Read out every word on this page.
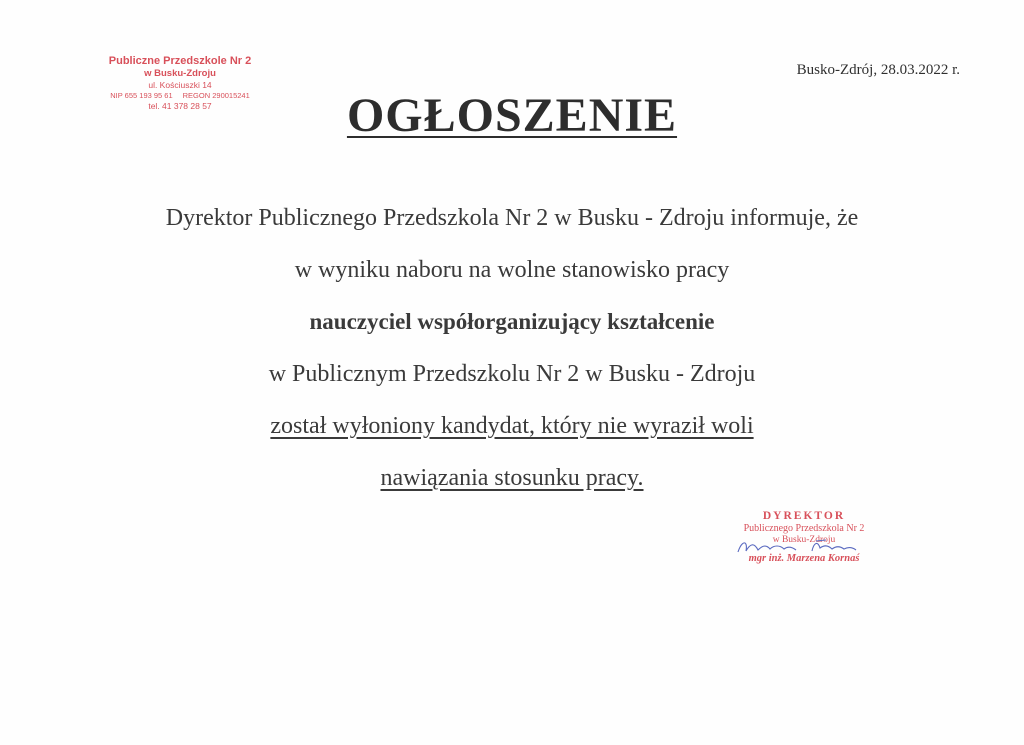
Publiczne Przedszkole Nr 2
w Busku-Zdroju
ul. Kościuszki 14
NIP 655 193 95 61 REGON 290015241
tel. 41 378 28 57
Busko-Zdrój, 28.03.2022 r.
OGŁOSZENIE
Dyrektor Publicznego Przedszkola Nr 2 w Busku - Zdroju informuje, że
w wyniku naboru na wolne stanowisko pracy
nauczyciel współorganizujący kształcenie
w Publicznym Przedszkolu Nr 2 w Busku - Zdroju
został wyłoniony kandydat, który nie wyraził woli
nawiązania stosunku pracy.
DYREKTOR
Publicznego Przedszkola Nr 2
w Busku-Zdroju
mgr inż. Marzena Kornaś
